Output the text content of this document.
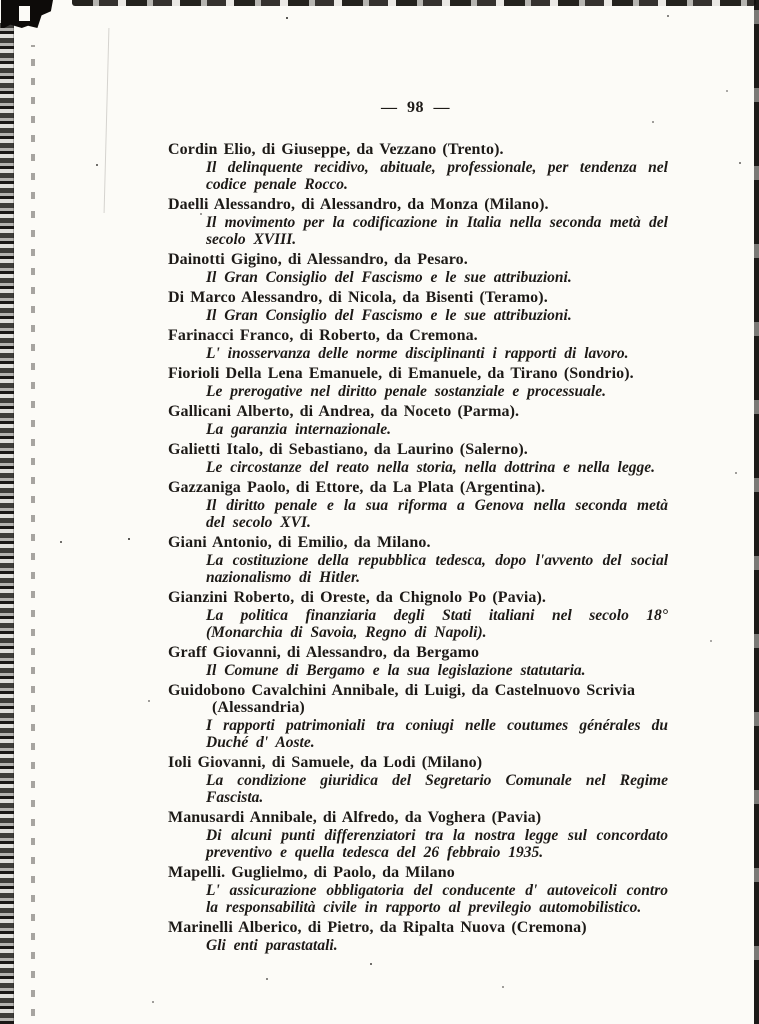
— 98 —

Cordin Elio, di Giuseppe, da Vezzano (Trento).

Il delinquente recidivo, abituale, professionale, per tendenza nel codice penale Rocco.

Daelli Alessandro, di Alessandro, da Monza (Milano).

Il movimento per la codificazione in Italia nella seconda metà del secolo XVIII.

Dainotti Gigino, di Alessandro, da Pesaro.

Il Gran Consiglio del Fascismo e le sue attribuzioni.

Di Marco Alessandro, di Nicola, da Bisenti (Teramo).

Il Gran Consiglio del Fascismo e le sue attribuzioni.

Farinacci Franco, di Roberto, da Cremona.

L' inosservanza delle norme disciplinanti i rapporti di lavoro.

Fiorioli Della Lena Emanuele, di Emanuele, da Tirano (Sondrio).

Le prerogative nel diritto penale sostanziale e processuale.

Gallicani Alberto, di Andrea, da Noceto (Parma).

La garanzia internazionale.

Galietti Italo, di Sebastiano, da Laurino (Salerno).

Le circostanze del reato nella storia, nella dottrina e nella legge.

Gazzaniga Paolo, di Ettore, da La Plata (Argentina).

Il diritto penale e la sua riforma a Genova nella seconda metà del secolo XVI.

Giani Antonio, di Emilio, da Milano.

La costituzione della repubblica tedesca, dopo l'avvento del social nazionalismo di Hitler.

Gianzini Roberto, di Oreste, da Chignolo Po (Pavia).

La politica finanziaria degli Stati italiani nel secolo 18° (Monarchia di Savoia, Regno di Napoli).

Graff Giovanni, di Alessandro, da Bergamo

Il Comune di Bergamo e la sua legislazione statutaria.

Guidobono Cavalchini Annibale, di Luigi, da Castelnuovo Scrivia (Alessandria)

I rapporti patrimoniali tra coniugi nelle coutumes générales du Duché d' Aoste.

Ioli Giovanni, di Samuele, da Lodi (Milano)

La condizione giuridica del Segretario Comunale nel Regime Fascista.

Manusardi Annibale, di Alfredo, da Voghera (Pavia)

Di alcuni punti differenziatori tra la nostra legge sul concordato preventivo e quella tedesca del 26 febbraio 1935.

Mapelli. Guglielmo, di Paolo, da Milano

L' assicurazione obbligatoria del conducente d' autoveicoli contro la responsabilità civile in rapporto al previlegio automobilistico.

Marinelli Alberico, di Pietro, da Ripalta Nuova (Cremona)

Gli enti parastatali.
